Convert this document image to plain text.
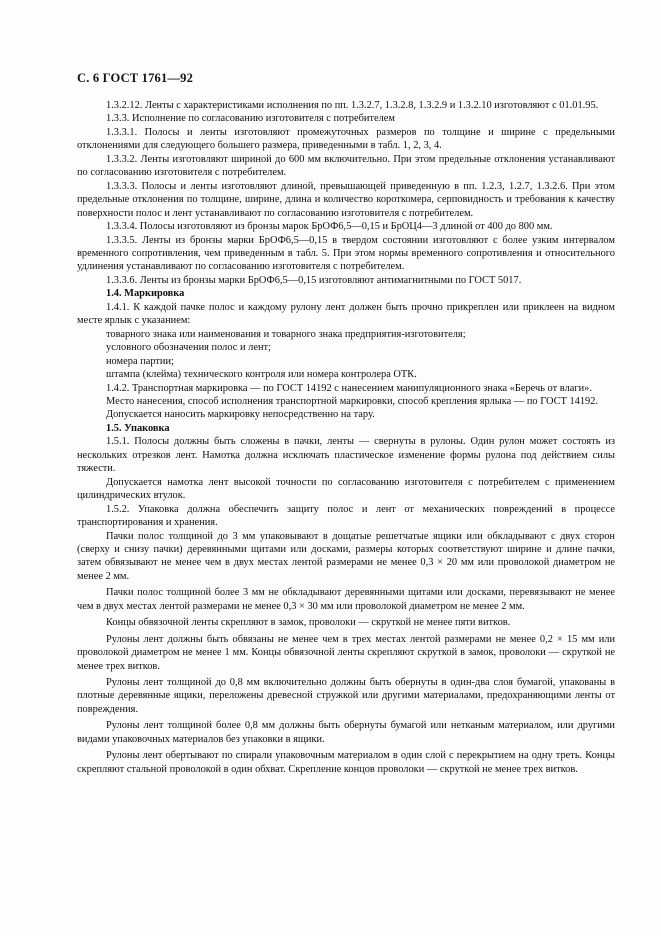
С. 6 ГОСТ 1761—92

1.3.2.12. Ленты с характеристиками исполнения по пп. 1.3.2.7, 1.3.2.8, 1.3.2.9 и 1.3.2.10 изготовляют с 01.01.95.

1.3.3. Исполнение по согласованию изготовителя с потребителем

1.3.3.1. Полосы и ленты изготовляют промежуточных размеров по толщине и ширине с предельными отклонениями для следующего большего размера, приведенными в табл. 1, 2, 3, 4.

1.3.3.2. Ленты изготовляют шириной до 600 мм включительно. При этом предельные отклонения устанавливают по согласованию изготовителя с потребителем.

1.3.3.3. Полосы и ленты изготовляют длиной, превышающей приведенную в пп. 1.2.3, 1.2.7, 1.3.2.6. При этом предельные отклонения по толщине, ширине, длина и количество короткомера, серповидность и требования к качеству поверхности полос и лент устанавливают по согласованию изготовителя с потребителем.

1.3.3.4. Полосы изготовляют из бронзы марок БрОФ6,5—0,15 и БрОЦ4—3 длиной от 400 до 800 мм.

1.3.3.5. Ленты из бронзы марки БрОФ6,5—0,15 в твердом состоянии изготовляют с более узким интервалом временного сопротивления, чем приведенным в табл. 5. При этом нормы временного сопротивления и относительного удлинения устанавливают по согласованию изготовителя с потребителем.

1.3.3.6. Ленты из бронзы марки БрОФ6,5—0,15 изготовляют антимагнитными по ГОСТ 5017.

1.4. Маркировка

1.4.1. К каждой пачке полос и каждому рулону лент должен быть прочно прикреплен или приклеен на видном месте ярлык с указанием:

товарного знака или наименования и товарного знака предприятия-изготовителя;

условного обозначения полос и лент;

номера партии;

штампа (клейма) технического контроля или номера контролера ОТК.

1.4.2. Транспортная маркировка — по ГОСТ 14192 с нанесением манипуляционного знака «Беречь от влаги».

Место нанесения, способ исполнения транспортной маркировки, способ крепления ярлыка — по ГОСТ 14192.

Допускается наносить маркировку непосредственно на тару.

1.5. Упаковка

1.5.1. Полосы должны быть сложены в пачки, ленты — свернуты в рулоны. Один рулон может состоять из нескольких отрезков лент. Намотка должна исключать пластическое изменение формы рулона под действием силы тяжести.

Допускается намотка лент высокой точности по согласованию изготовителя с потребителем с применением цилиндрических втулок.

1.5.2. Упаковка должна обеспечить защиту полос и лент от механических повреждений в процессе транспортирования и хранения.

Пачки полос толщиной до 3 мм упаковывают в дощатые решетчатые ящики или обкладывают с двух сторон (сверху и снизу пачки) деревянными щитами или досками, размеры которых соответствуют ширине и длине пачки, затем обвязывают не менее чем в двух местах лентой размерами не менее 0,3 × 20 мм или проволокой диаметром не менее 2 мм.

Пачки полос толщиной более 3 мм не обкладывают деревянными щитами или досками, перевязывают не менее чем в двух местах лентой размерами не менее 0,3 × 30 мм или проволокой диаметром не менее 2 мм.

Концы обвязочной ленты скрепляют в замок, проволоки — скруткой не менее пяти витков.

Рулоны лент должны быть обвязаны не менее чем в трех местах лентой размерами не менее 0,2 × 15 мм или проволокой диаметром не менее 1 мм. Концы обвязочной ленты скрепляют скруткой в замок, проволоки — скруткой не менее трех витков.

Рулоны лент толщиной до 0,8 мм включительно должны быть обернуты в один-два слоя бумагой, упакованы в плотные деревянные ящики, переложены древесной стружкой или другими материалами, предохраняющими ленты от повреждения.

Рулоны лент толщиной более 0,8 мм должны быть обернуты бумагой или нетканым материалом, или другими видами упаковочных материалов без упаковки в ящики.

Рулоны лент обертывают по спирали упаковочным материалом в один слой с перекрытием на одну треть. Концы скрепляют стальной проволокой в один обхват. Скрепление концов проволоки — скруткой не менее трех витков.
